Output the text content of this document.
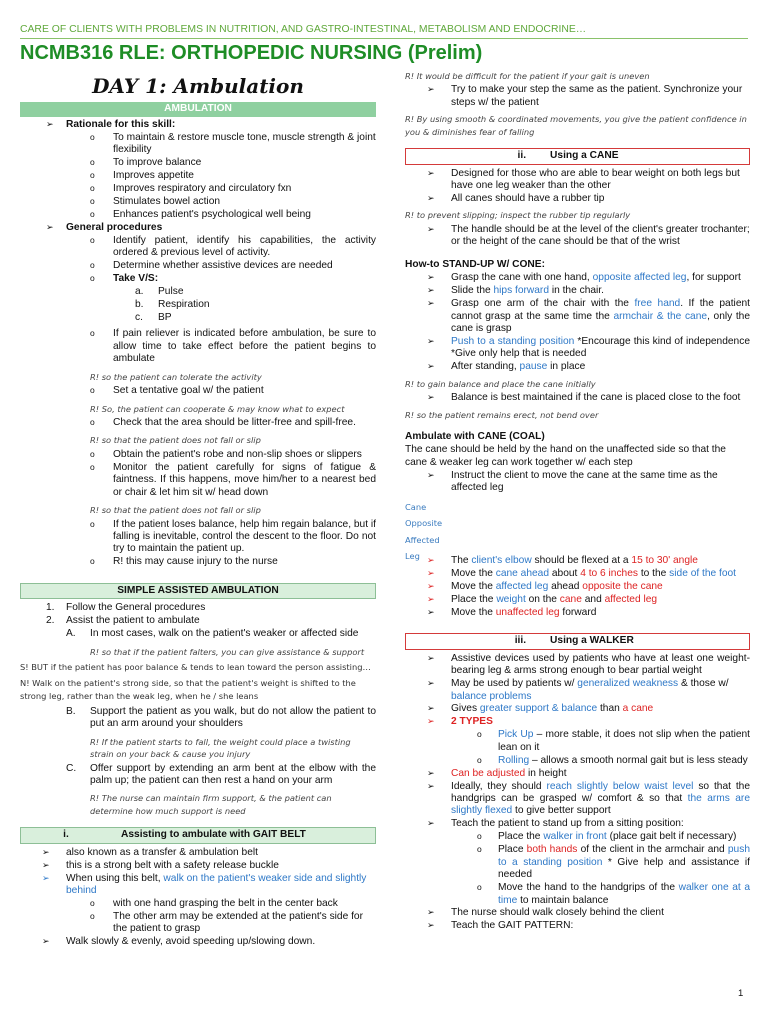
CARE OF CLIENTS WITH PROBLEMS IN NUTRITION, AND GASTRO-INTESTINAL, METABOLISM AND ENDOCRINE…
NCMB316 RLE: ORTHOPEDIC NURSING (Prelim)
DAY 1: Ambulation
AMBULATION
➢ Rationale for this skill:
o To maintain & restore muscle tone, muscle strength & joint flexibility
o To improve balance
o Improves appetite
o Improves respiratory and circulatory fxn
o Stimulates bowel action
o Enhances patient's psychological well being
➢ General procedures
o Identify patient, identify his capabilities, the activity ordered & previous level of activity.
o Determine whether assistive devices are needed
o Take V/S:
a. Pulse
b. Respiration
c. BP
o If pain reliever is indicated before ambulation, be sure to allow time to take effect before the patient begins to ambulate
R! so the patient can tolerate the activity
o Set a tentative goal w/ the patient
R! So, the patient can cooperate & may know what to expect
o Check that the area should be litter-free and spill-free.
R! so that the patient does not fall or slip
o Obtain the patient's robe and non-slip shoes or slippers
o Monitor the patient carefully for signs of fatigue & faintness. If this happens, move him/her to a nearest bed or chair & let him sit w/ head down
R! so that the patient does not fall or slip
o If the patient loses balance, help him regain balance, but if falling is inevitable, control the descent to the floor. Do not try to maintain the patient up.
o R! this may cause injury to the nurse
SIMPLE ASSISTED AMBULATION
1. Follow the General procedures
2. Assist the patient to ambulate
A. In most cases, walk on the patient's weaker or affected side
R! so that if the patient falters, you can give assistance & support
S! BUT if the patient has poor balance & tends to lean toward the person assisting…
N! Walk on the patient's strong side, so that the patient's weight is shifted to the strong leg, rather than the weak leg, when he / she leans
B. Support the patient as you walk, but do not allow the patient to put an arm around your shoulders
R! If the patient starts to fall, the weight could place a twisting strain on your back & cause you injury
C. Offer support by extending an arm bent at the elbow with the palm up; the patient can then rest a hand on your arm
R! The nurse can maintain firm support, & the patient can determine how much support is need
i.	Assisting to ambulate with GAIT BELT
➢ also known as a transfer & ambulation belt
➢ this is a strong belt with a safety release buckle
➢ When using this belt, walk on the patient's weaker side and slightly behind
o with one hand grasping the belt in the center back
o The other arm may be extended at the patient's side for the patient to grasp
➢ Walk slowly & evenly, avoid speeding up/slowing down.
R! It would be difficult for the patient if your gait is uneven
➢ Try to make your step the same as the patient. Synchronize your steps w/ the patient
R! By using smooth & coordinated movements, you give the patient confidence in you & diminishes fear of falling
ii.	Using a CANE
➢ Designed for those who are able to bear weight on both legs but have one leg weaker than the other
➢ All canes should have a rubber tip
R! to prevent slipping; inspect the rubber tip regularly
➢ The handle should be at the level of the client's greater trochanter; or the height of the cane should be that of the wrist
How-to STAND-UP W/ CONE:
➢ Grasp the cane with one hand, opposite affected leg, for support
➢ Slide the hips forward in the chair.
➢ Grasp one arm of the chair with the free hand. If the patient cannot grasp at the same time the armchair & the cane, only the cane is grasp
➢ Push to a standing position *Encourage this kind of independence *Give only help that is needed
➢ After standing, pause in place
R! to gain balance and place the cane initially
➢ Balance is best maintained if the cane is placed close to the foot
R! so the patient remains erect, not bend over
Ambulate with CANE (COAL)
The cane should be held by the hand on the unaffected side so that the cane & weaker leg can work together w/ each step
➢ Instruct the client to move the cane at the same time as the affected leg
Cane
Opposite
Affected
Leg ➢ The client's elbow should be flexed at a 15 to 30' angle
➢ Move the cane ahead about 4 to 6 inches to the side of the foot
➢ Move the affected leg ahead opposite the cane
➢ Place the weight on the cane and affected leg
➢ Move the unaffected leg forward
iii.	Using a WALKER
➢ Assistive devices used by patients who have at least one weight-bearing leg & arms strong enough to bear partial weight
➢ May be used by patients w/ generalized weakness & those w/ balance problems
➢ Gives greater support & balance than a cane
➢ 2 TYPES
o Pick Up – more stable, it does not slip when the patient lean on it
o Rolling – allows a smooth normal gait but is less steady
➢ Can be adjusted in height
➢ Ideally, they should reach slightly below waist level so that the handgrips can be grasped w/ comfort & so that the arms are slightly flexed to give better support
➢ Teach the patient to stand up from a sitting position:
o Place the walker in front (place gait belt if necessary)
o Place both hands of the client in the armchair and push to a standing position * Give help and assistance if needed
o Move the hand to the handgrips of the walker one at a time to maintain balance
➢ The nurse should walk closely behind the client
➢ Teach the GAIT PATTERN:
1
